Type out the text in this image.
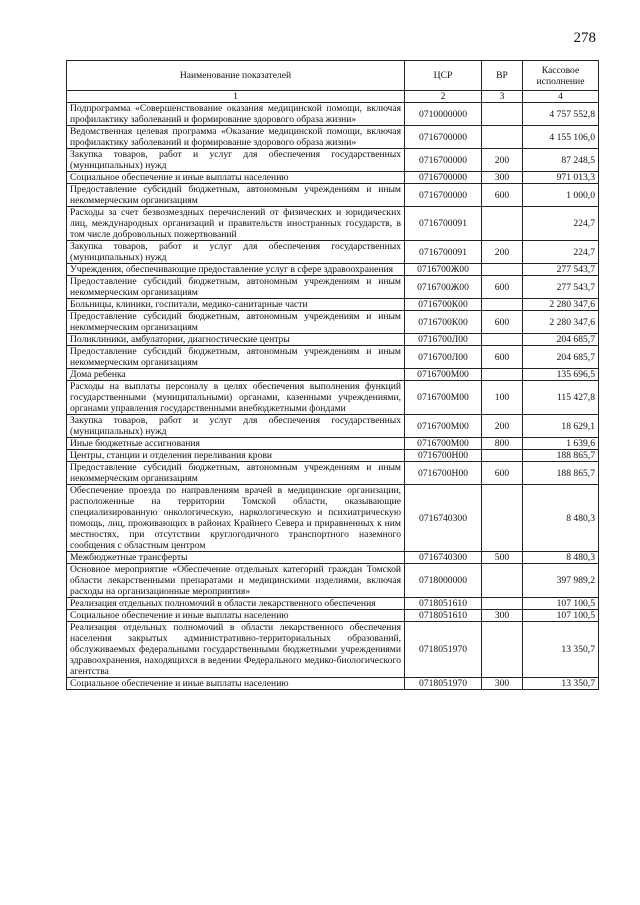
278
Наименование показателей	ЦСР	ВР	Кассовое исполнение
1	2	3	4
Подпрограмма «Совершенствование оказания медицинской помощи, включая профилактику заболеваний и формирование здорового образа жизни»	0710000000		4 757 552,8
Ведомственная целевая программа «Оказание медицинской помощи, включая профилактику заболеваний и формирование здорового образа жизни»	0716700000		4 155 106,0
Закупка товаров, работ и услуг для обеспечения государственных (муниципальных) нужд	0716700000	200	87 248,5
Социальное обеспечение и иные выплаты населению	0716700000	300	971 013,3
Предоставление субсидий бюджетным, автономным учреждениям и иным некоммерческим организациям	0716700000	600	1 000,0
Расходы за счет безвозмездных перечислений от физических и юридических лиц, международных организаций и правительств иностранных государств, в том числе добровольных пожертвований	0716700091		224,7
Закупка товаров, работ и услуг для обеспечения государственных (муниципальных) нужд	0716700091	200	224,7
Учреждения, обеспечивающие предоставление услуг в сфере здравоохранения	0716700Ж00		277 543,7
Предоставление субсидий бюджетным, автономным учреждениям и иным некоммерческим организациям	0716700Ж00	600	277 543,7
Больницы, клиники, госпитали, медико-санитарные части	0716700К00		2 280 347,6
Предоставление субсидий бюджетным, автономным учреждениям и иным некоммерческим организациям	0716700К00	600	2 280 347,6
Поликлиники, амбулатории, диагностические центры	0716700Л00		204 685,7
Предоставление субсидий бюджетным, автономным учреждениям и иным некоммерческим организациям	0716700Л00	600	204 685,7
Дома ребенка	0716700М00		135 696,5
Расходы на выплаты персоналу в целях обеспечения выполнения функций государственными (муниципальными) органами, казенными учреждениями, органами управления государственными внебюджетными фондами	0716700М00	100	115 427,8
Закупка товаров, работ и услуг для обеспечения государственных (муниципальных) нужд	0716700М00	200	18 629,1
Иные бюджетные ассигнования	0716700М00	800	1 639,6
Центры, станции и отделения переливания крови	0716700Н00		188 865,7
Предоставление субсидий бюджетным, автономным учреждениям и иным некоммерческим организациям	0716700Н00	600	188 865,7
Обеспечение проезда по направлениям врачей в медицинские организации, расположенные на территории Томской области, оказывающие специализированную онкологическую, наркологическую и психиатрическую помощь, лиц, проживающих в районах Крайнего Севера и приравненных к ним местностях, при отсутствии круглогодичного транспортного наземного сообщения с областным центром	0716740300		8 480,3
Межбюджетные трансферты	0716740300	500	8 480,3
Основное мероприятие «Обеспечение отдельных категорий граждан Томской области лекарственными препаратами и медицинскими изделиями, включая расходы на организационные мероприятия»	0718000000		397 989,2
Реализация отдельных полномочий в области лекарственного обеспечения	0718051610		107 100,5
Социальное обеспечение и иные выплаты населению	0718051610	300	107 100,5
Реализация отдельных полномочий в области лекарственного обеспечения населения закрытых административно-территориальных образований, обслуживаемых федеральными государственными бюджетными учреждениями здравоохранения, находящихся в ведении Федерального медико-биологического агентства	0718051970		13 350,7
Социальное обеспечение и иные выплаты населению	0718051970	300	13 350,7
